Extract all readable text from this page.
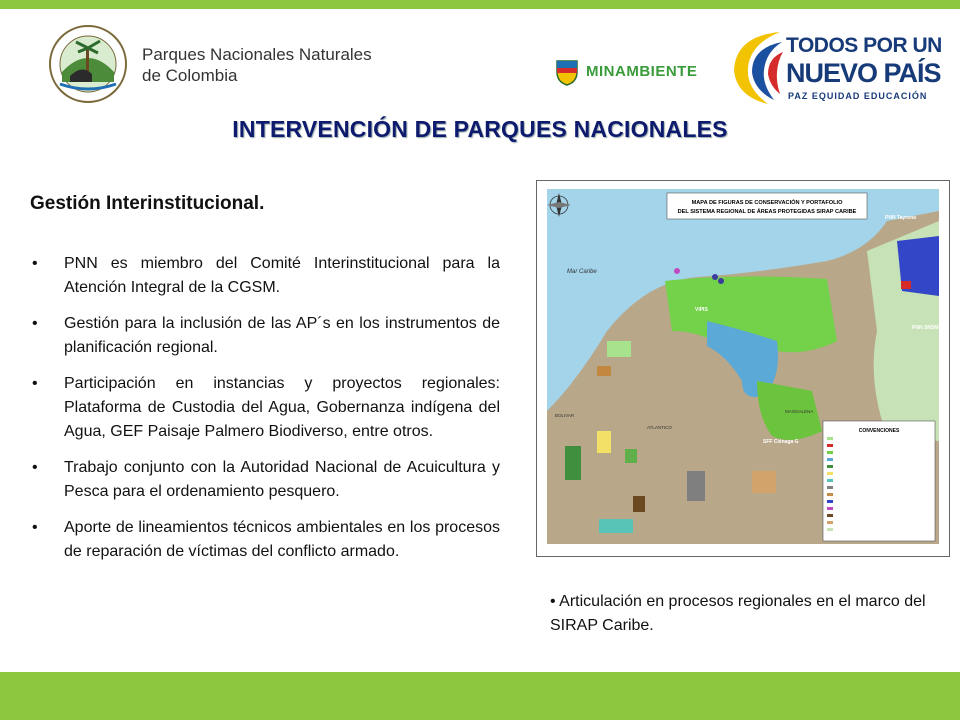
Parques Nacionales Naturales
de Colombia	MINAMBIENTE
TODOS POR UN
NUEVO PAÍS
PAZ EQUIDAD EDUCACIÓN
INTERVENCIÓN DE PARQUES NACIONALES
Gestión Interinstitucional.
• PNN es miembro del Comité Interinstitucional para la Atención Integral de la CGSM.
• Gestión para la inclusión de las AP´s en los instrumentos de planificación regional.
• Participación en instancias y proyectos regionales: Plataforma de Custodia del Agua, Gobernanza indígena del Agua, GEF Paisaje Palmero Biodiverso, entre otros.
• Trabajo conjunto con la Autoridad Nacional de Acuicultura y Pesca para el ordenamiento pesquero.
• Aporte de lineamientos técnicos ambientales en los procesos de reparación de víctimas del conflicto armado.
CONVENCIONES
MAPA DE FIGURAS DE CONSERVACIÓN Y PORTAFOLIO
DEL SISTEMA REGIONAL DE ÁREAS PROTEGIDAS SIRAP CARIBE
Mar Caribe
VIPIS
SFF Ciénaga G
PNN Tayrona
PNN SNSM
MAGDALENA
ATLANTICO
BOLIVAR
• Articulación en procesos regionales en el marco del SIRAP Caribe.
